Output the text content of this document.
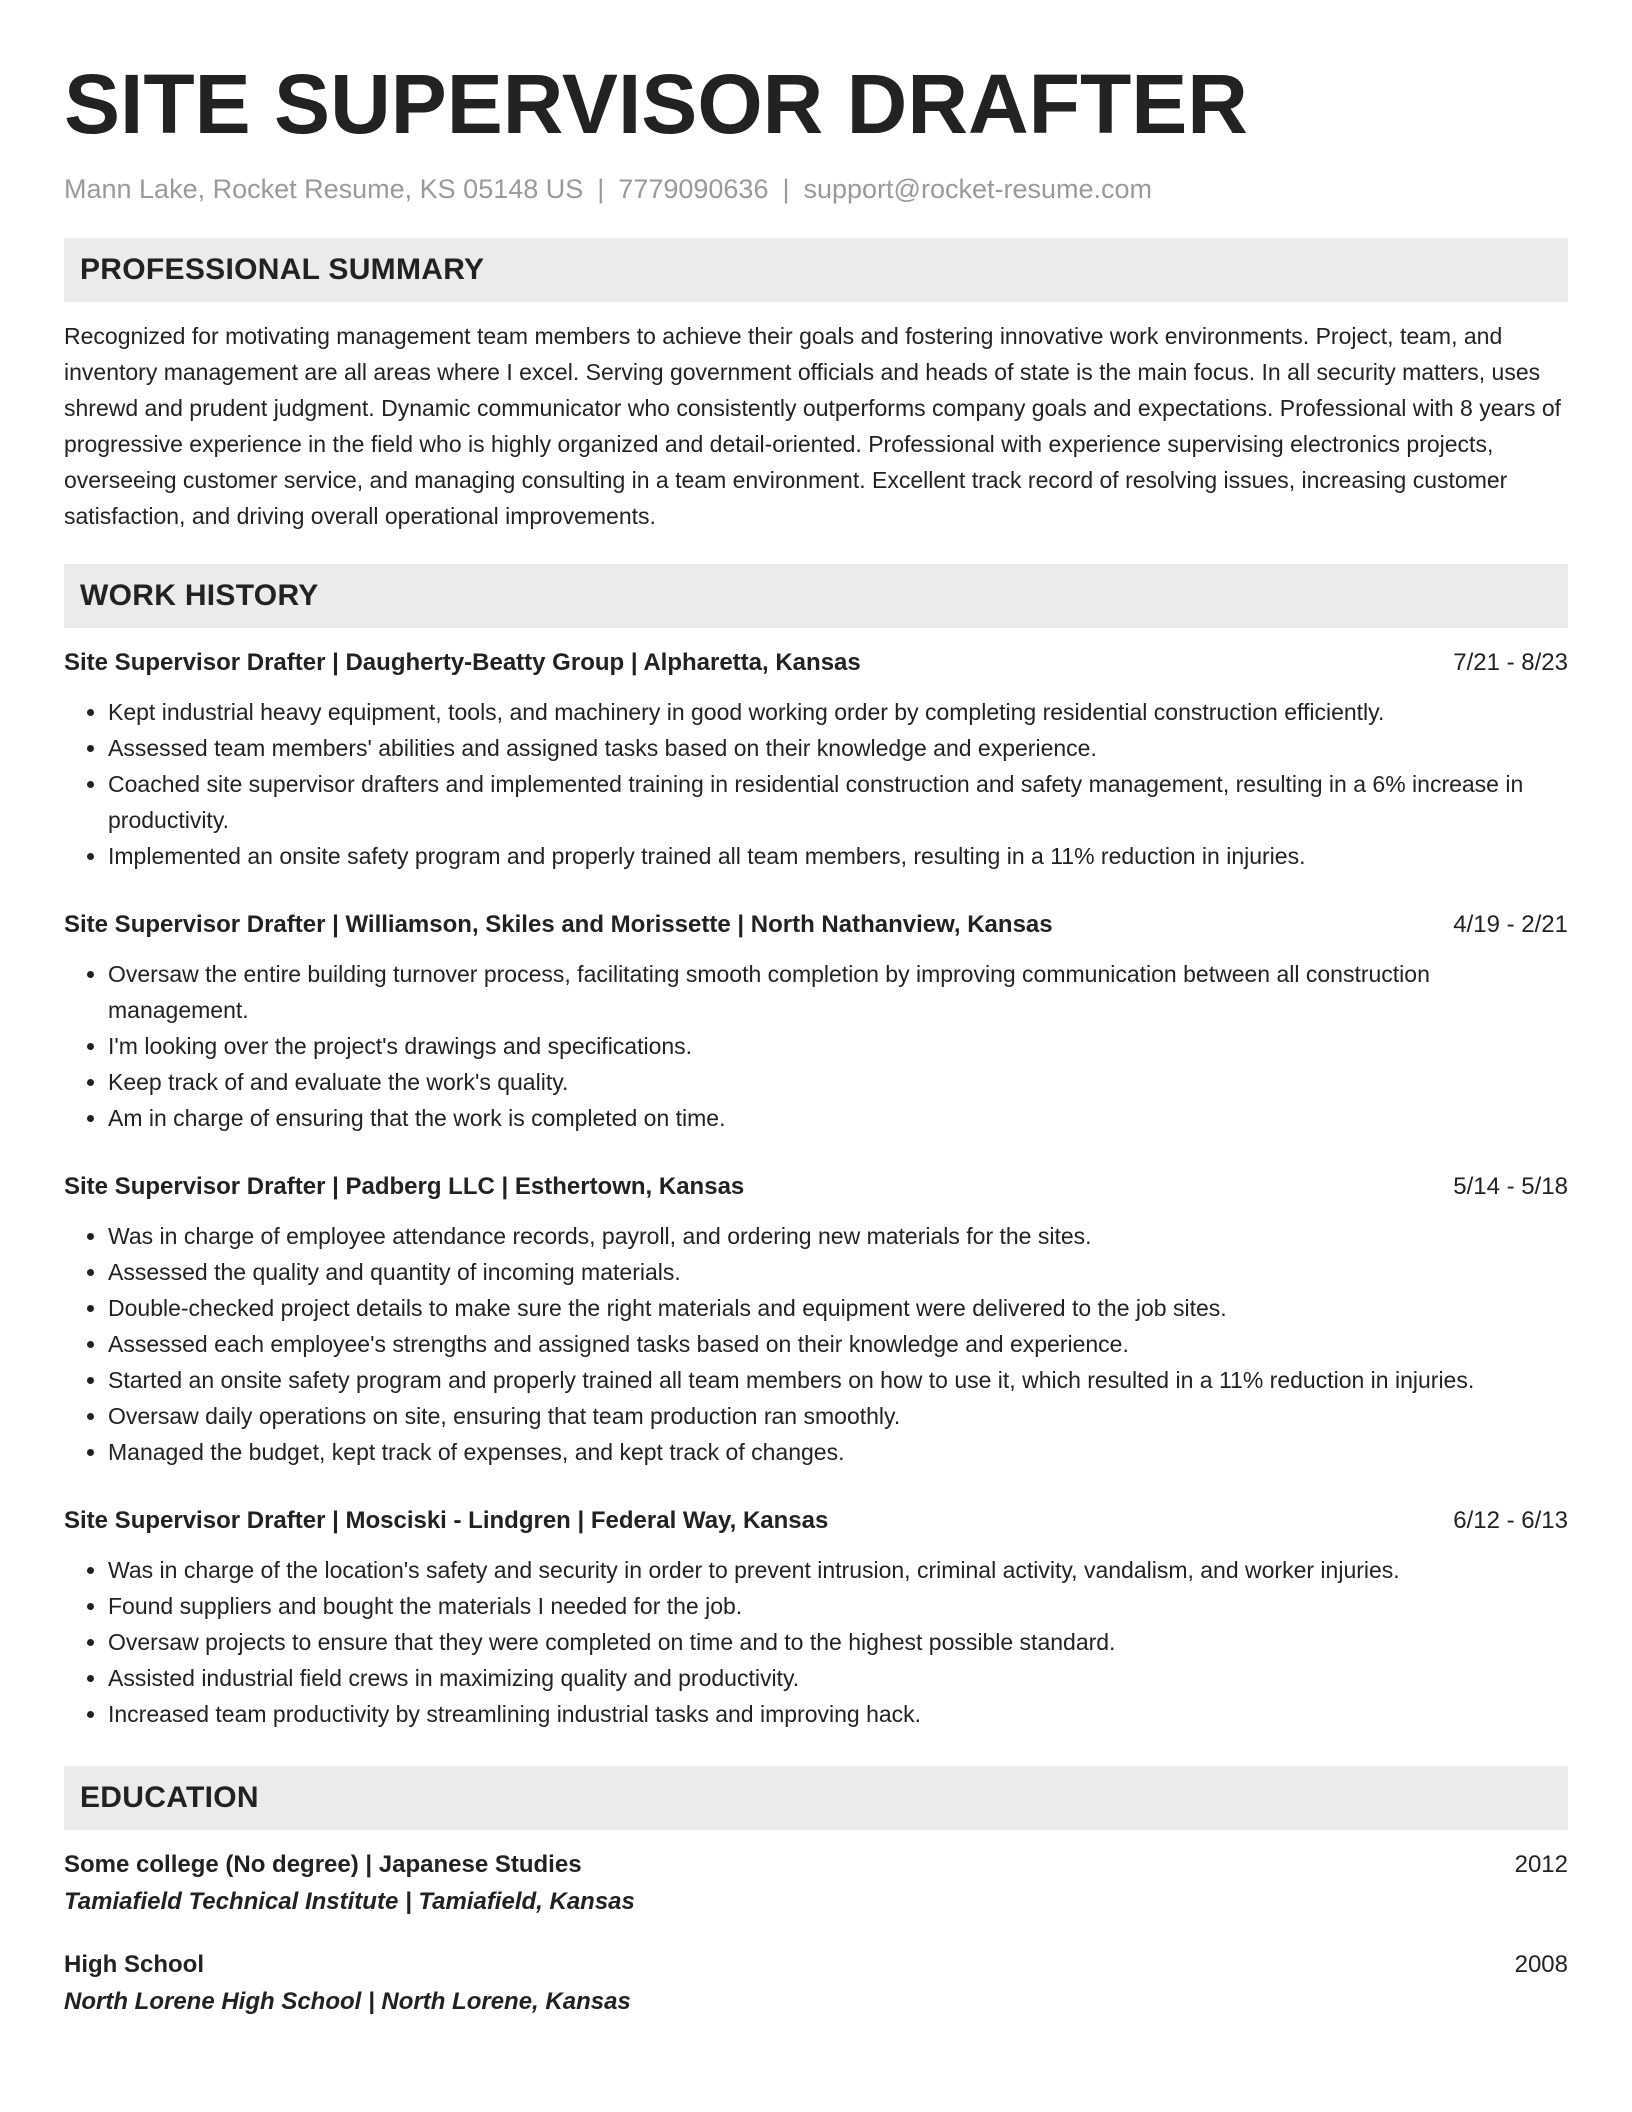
SITE SUPERVISOR DRAFTER
Mann Lake, Rocket Resume, KS 05148 US | 7779090636 | support@rocket-resume.com
PROFESSIONAL SUMMARY
Recognized for motivating management team members to achieve their goals and fostering innovative work environments. Project, team, and inventory management are all areas where I excel. Serving government officials and heads of state is the main focus. In all security matters, uses shrewd and prudent judgment. Dynamic communicator who consistently outperforms company goals and expectations. Professional with 8 years of progressive experience in the field who is highly organized and detail-oriented. Professional with experience supervising electronics projects, overseeing customer service, and managing consulting in a team environment. Excellent track record of resolving issues, increasing customer satisfaction, and driving overall operational improvements.
WORK HISTORY
Site Supervisor Drafter | Daugherty-Beatty Group | Alpharetta, Kansas	7/21 - 8/23
• Kept industrial heavy equipment, tools, and machinery in good working order by completing residential construction efficiently.
• Assessed team members' abilities and assigned tasks based on their knowledge and experience.
• Coached site supervisor drafters and implemented training in residential construction and safety management, resulting in a 6% increase in productivity.
• Implemented an onsite safety program and properly trained all team members, resulting in a 11% reduction in injuries.
Site Supervisor Drafter | Williamson, Skiles and Morissette | North Nathanview, Kansas	4/19 - 2/21
• Oversaw the entire building turnover process, facilitating smooth completion by improving communication between all construction management.
• I'm looking over the project's drawings and specifications.
• Keep track of and evaluate the work's quality.
• Am in charge of ensuring that the work is completed on time.
Site Supervisor Drafter | Padberg LLC | Esthertown, Kansas	5/14 - 5/18
• Was in charge of employee attendance records, payroll, and ordering new materials for the sites.
• Assessed the quality and quantity of incoming materials.
• Double-checked project details to make sure the right materials and equipment were delivered to the job sites.
• Assessed each employee's strengths and assigned tasks based on their knowledge and experience.
• Started an onsite safety program and properly trained all team members on how to use it, which resulted in a 11% reduction in injuries.
• Oversaw daily operations on site, ensuring that team production ran smoothly.
• Managed the budget, kept track of expenses, and kept track of changes.
Site Supervisor Drafter | Mosciski - Lindgren | Federal Way, Kansas	6/12 - 6/13
• Was in charge of the location's safety and security in order to prevent intrusion, criminal activity, vandalism, and worker injuries.
• Found suppliers and bought the materials I needed for the job.
• Oversaw projects to ensure that they were completed on time and to the highest possible standard.
• Assisted industrial field crews in maximizing quality and productivity.
• Increased team productivity by streamlining industrial tasks and improving hack.
EDUCATION
Some college (No degree) | Japanese Studies	2012
Tamiafield Technical Institute | Tamiafield, Kansas
High School	2008
North Lorene High School | North Lorene, Kansas
